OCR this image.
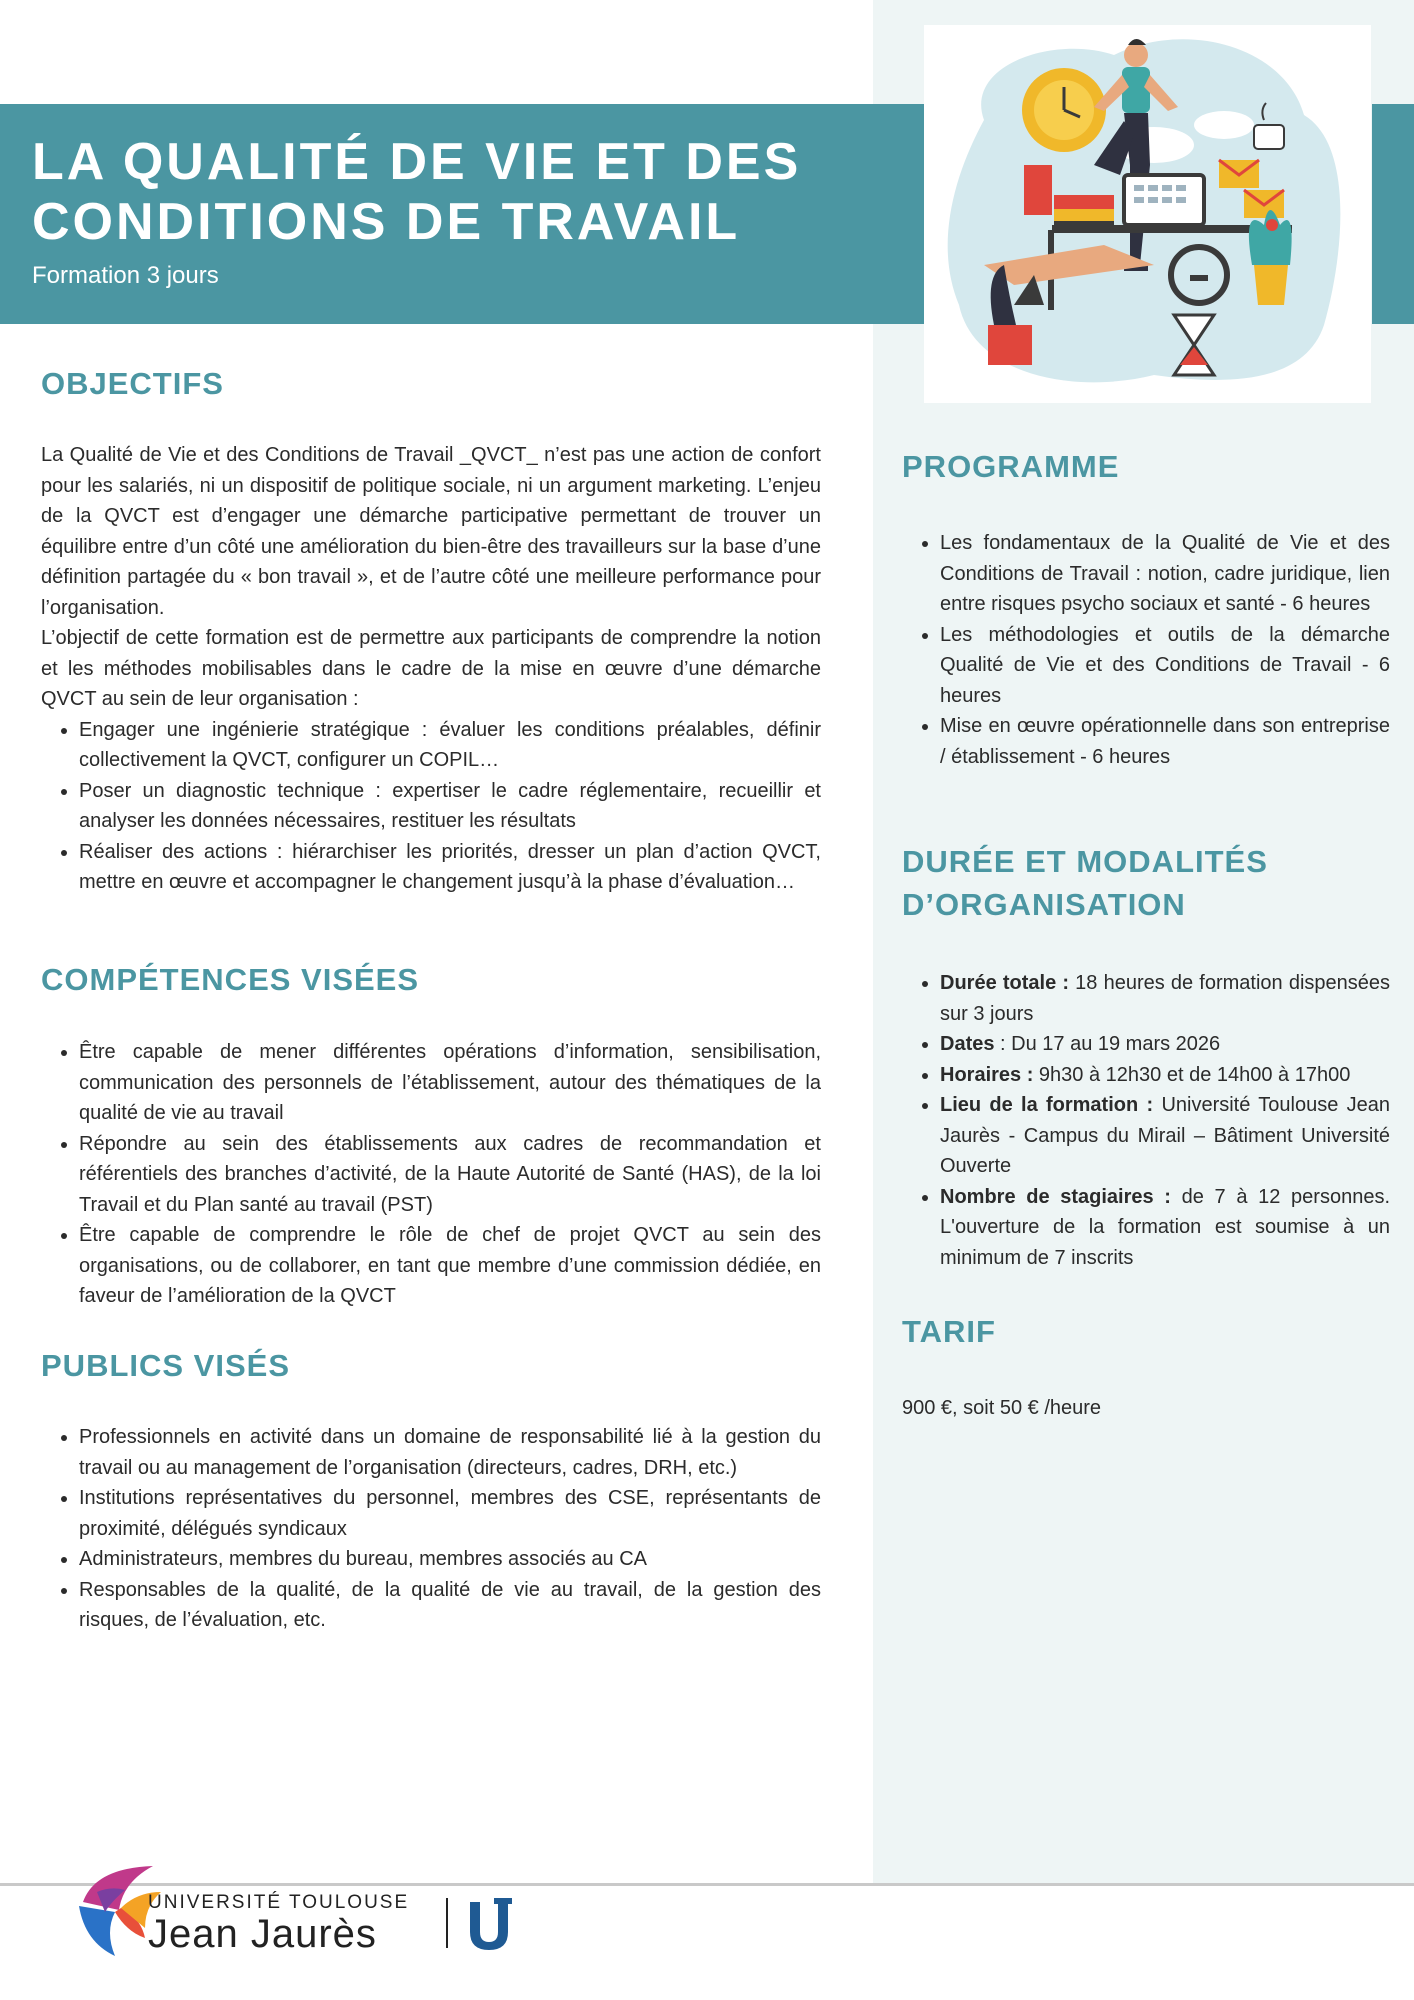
LA QUALITÉ DE VIE ET DES CONDITIONS DE TRAVAIL

Formation 3 jours

OBJECTIFS

La Qualité de Vie et des Conditions de Travail _QVCT_ n’est pas une action de confort pour les salariés, ni un dispositif de politique sociale, ni un argument marketing. L’enjeu de la QVCT est d’engager une démarche participative permettant de trouver un équilibre entre d’un côté une amélioration du bien-être des travailleurs sur la base d’une définition partagée du « bon travail », et de l’autre côté une meilleure performance pour l’organisation.

L’objectif de cette formation est de permettre aux participants de comprendre la notion et les méthodes mobilisables dans le cadre de la mise en œuvre d’une démarche QVCT au sein de leur organisation :

• Engager une ingénierie stratégique : évaluer les conditions préalables, définir collectivement la QVCT, configurer un COPIL…
• Poser un diagnostic technique : expertiser le cadre réglementaire, recueillir et analyser les données nécessaires, restituer les résultats
• Réaliser des actions : hiérarchiser les priorités, dresser un plan d’action QVCT, mettre en œuvre et accompagner le changement jusqu’à la phase d’évaluation…
COMPÉTENCES VISÉES
• Être capable de mener différentes opérations d’information, sensibilisation, communication des personnels de l’établissement, autour des thématiques de la qualité de vie au travail
• Répondre au sein des établissements aux cadres de recommandation et référentiels des branches d’activité, de la Haute Autorité de Santé (HAS), de la loi Travail et du Plan santé au travail (PST)
• Être capable de comprendre le rôle de chef de projet QVCT au sein des organisations, ou de collaborer, en tant que membre d’une commission dédiée, en faveur de l’amélioration de la QVCT
PUBLICS VISÉS
• Professionnels en activité dans un domaine de responsabilité lié à la gestion du travail ou au management de l’organisation (directeurs, cadres, DRH, etc.)
• Institutions représentatives du personnel, membres des CSE, représentants de proximité, délégués syndicaux
• Administrateurs, membres du bureau, membres associés au CA
• Responsables de la qualité, de la qualité de vie au travail, de la gestion des risques, de l’évaluation, etc.
PROGRAMME
• Les fondamentaux de la Qualité de Vie et des Conditions de Travail : notion, cadre juridique, lien entre risques psycho sociaux et santé - 6 heures
• Les méthodologies et outils de la démarche Qualité de Vie et des Conditions de Travail - 6 heures
• Mise en œuvre opérationnelle dans son entreprise / établissement - 6 heures
DURÉE ET MODALITÉS D’ORGANISATION
• Durée totale : 18 heures de formation dispensées sur 3 jours
• Dates : Du 17 au 19 mars 2026
• Horaires : 9h30 à 12h30 et de 14h00 à 17h00
• Lieu de la formation : Université Toulouse Jean Jaurès - Campus du Mirail – Bâtiment Université Ouverte
• Nombre de stagiaires : de 7 à 12 personnes. L'ouverture de la formation est soumise à un minimum de 7 inscrits
TARIF

900 €, soit 50 € /heure

UNIVERSITÉ TOULOUSE
Jean Jaurès
